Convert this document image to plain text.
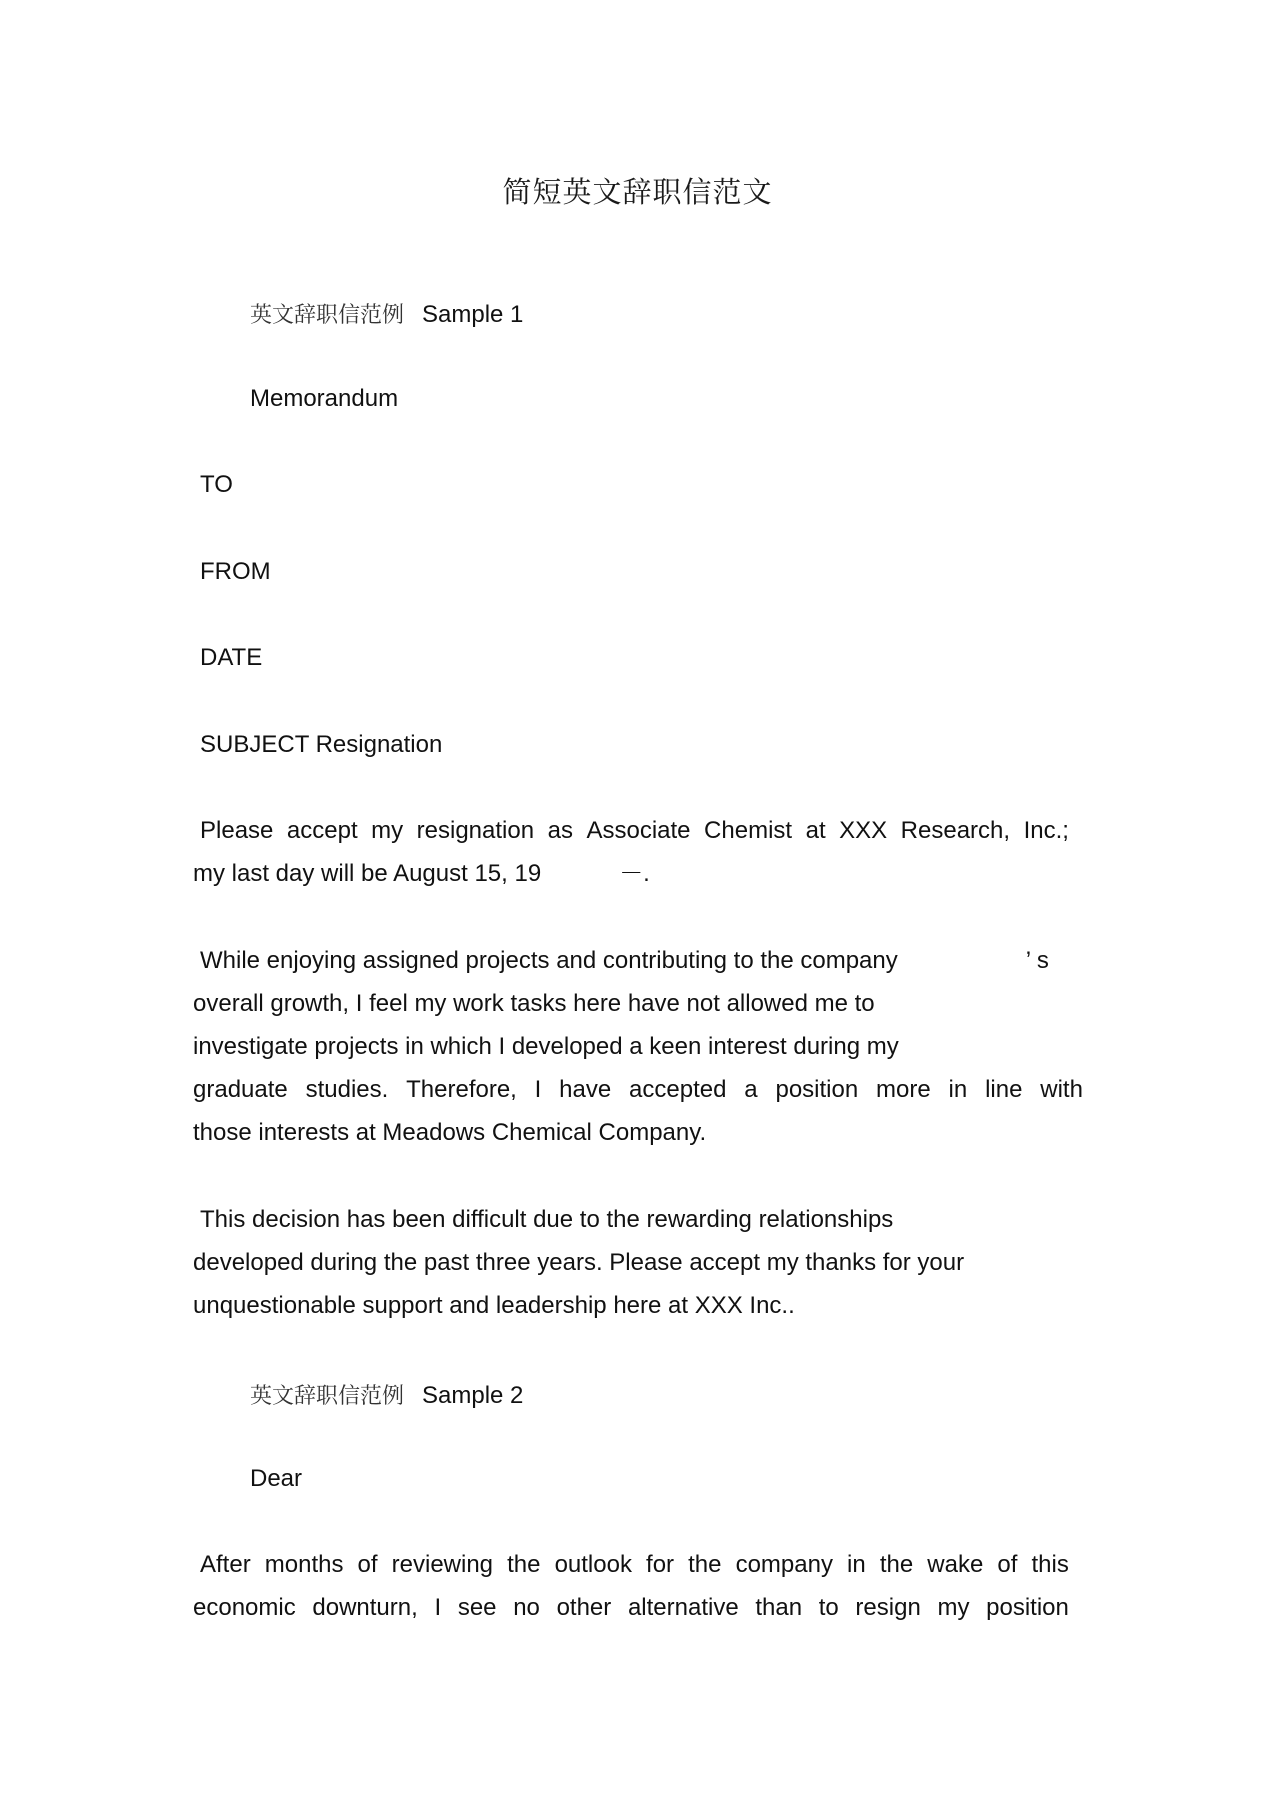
简短英文辞职信范文
英文辞职信范例 Sample 1
Memorandum
TO
FROM
DATE
SUBJECT Resignation

Please accept my resignation as Associate Chemist at XXX Research, Inc.;

my last day will be August 15, 19	－.

While enjoying assigned projects and contributing to the company	’ s

overall growth, I feel my work tasks here have not allowed me to

investigate projects in which I developed a keen interest during my

graduate studies. Therefore, I have accepted a position more in line with

those interests at Meadows Chemical Company.

This decision has been difficult due to the rewarding relationships

developed during the past three years. Please accept my thanks for your

unquestionable support and leadership here at XXX Inc..

英文辞职信范例 Sample 2
Dear

After months of reviewing the outlook for the company in the wake of this

economic downturn, I see no other alternative than to resign my position
